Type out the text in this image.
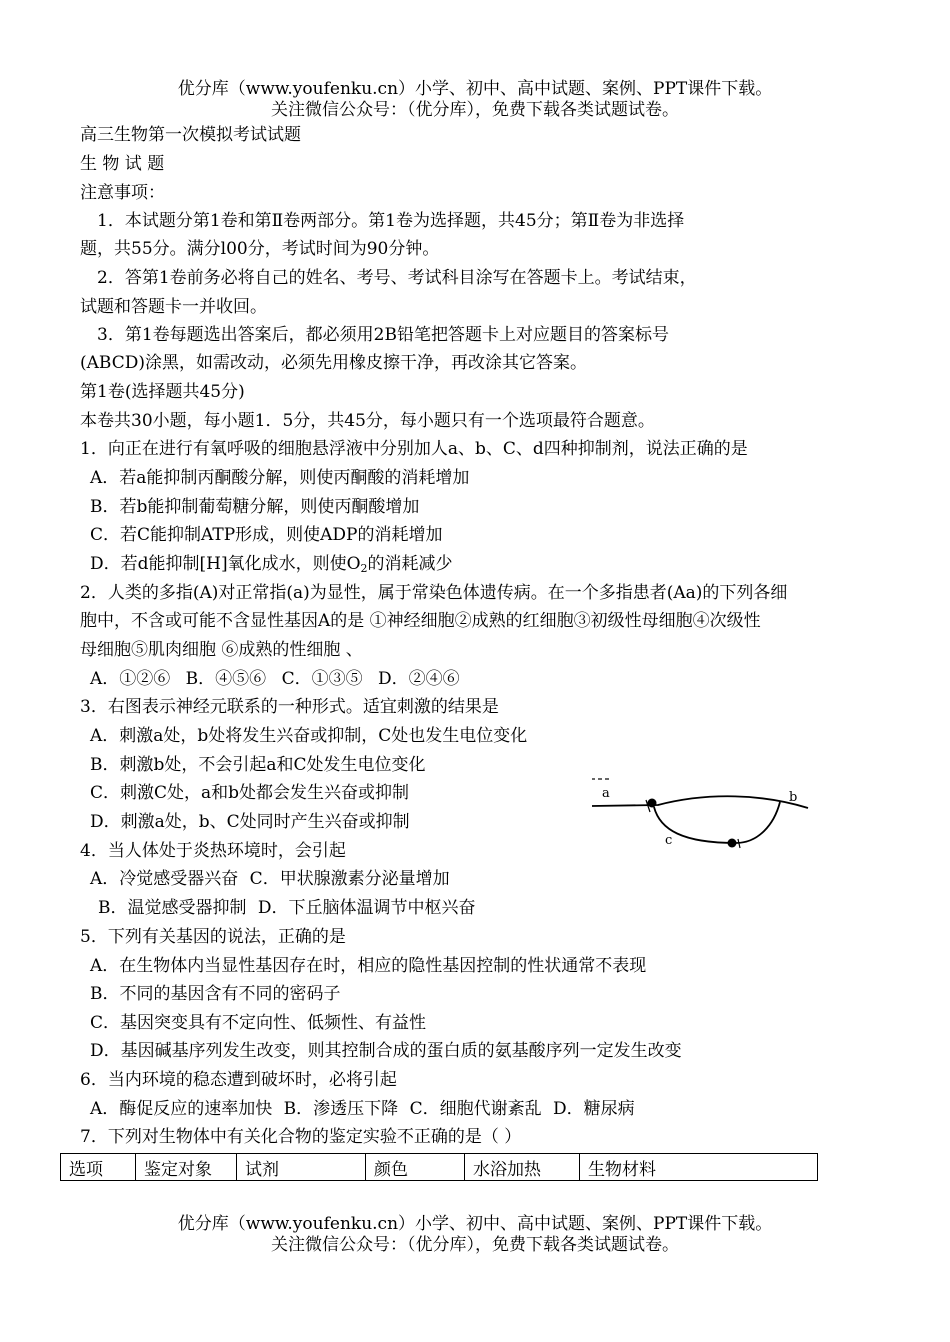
优分库（www.youfenku.cn）小学、初中、高中试题、案例、PPT课件下载。
关注微信公众号：（优分库），免费下载各类试题试卷。
高三生物第一次模拟考试试题
生 物 试 题
注意事项：
1．本试题分第1卷和第Ⅱ卷两部分。第1卷为选择题，共45分；第Ⅱ卷为非选择
题，共55分。满分l00分，考试时间为90分钟。
2．答第1卷前务必将自己的姓名、考号、考试科目涂写在答题卡上。考试结束，
试题和答题卡一并收回。
3．第1卷每题选出答案后，都必须用2B铅笔把答题卡上对应题目的答案标号
(ABCD)涂黑，如需改动，必须先用橡皮擦干净，再改涂其它答案。
第1卷(选择题共45分)
本卷共30小题，每小题1．5分，共45分，每小题只有一个选项最符合题意。
1．向正在进行有氧呼吸的细胞悬浮液中分别加人a、b、C、d四种抑制剂，说法正确的是
A．若a能抑制丙酮酸分解，则使丙酮酸的消耗增加
B．若b能抑制葡萄糖分解，则使丙酮酸增加
C．若C能抑制ATP形成，则使ADP的消耗增加
D．若d能抑制[H]氧化成水，则使$O_2$的消耗减少
2．人类的多指(A)对正常指(a)为显性，属于常染色体遗传病。在一个多指患者(Aa)的下列各细
胞中，不含或可能不含显性基因A的是 ①神经细胞②成熟的红细胞③初级性母细胞④次级性
母细胞⑤肌肉细胞 ⑥成熟的性细胞 、
A．①②⑥ B．④⑤⑥ C．①③⑤ D．②④⑥
3．右图表示神经元联系的一种形式。适宜刺激的结果是
A．刺激a处，b处将发生兴奋或抑制，C处也发生电位变化
B．刺激b处，不会引起a和C处发生电位变化
C．刺激C处，a和b处都会发生兴奋或抑制
D．刺激a处，b、C处同时产生兴奋或抑制
a	b
c
4．当人体处于炎热环境时，会引起
A．冷觉感受器兴奋 C．甲状腺激素分泌量增加
B．温觉感受器抑制 D．下丘脑体温调节中枢兴奋
5．下列有关基因的说法，正确的是
A．在生物体内当显性基因存在时，相应的隐性基因控制的性状通常不表现
B．不同的基因含有不同的密码子
C．基因突变具有不定向性、低频性、有益性
D．基因碱基序列发生改变，则其控制合成的蛋白质的氨基酸序列一定发生改变
6．当内环境的稳态遭到破坏时，必将引起
A．酶促反应的速率加快 B．渗透压下降 C．细胞代谢紊乱 D．糖尿病
7．下列对生物体中有关化合物的鉴定实验不正确的是（ ）
选项	鉴定对象	试剂	颜色	水浴加热	生物材料
优分库（www.youfenku.cn）小学、初中、高中试题、案例、PPT课件下载。
关注微信公众号：（优分库），免费下载各类试题试卷。
